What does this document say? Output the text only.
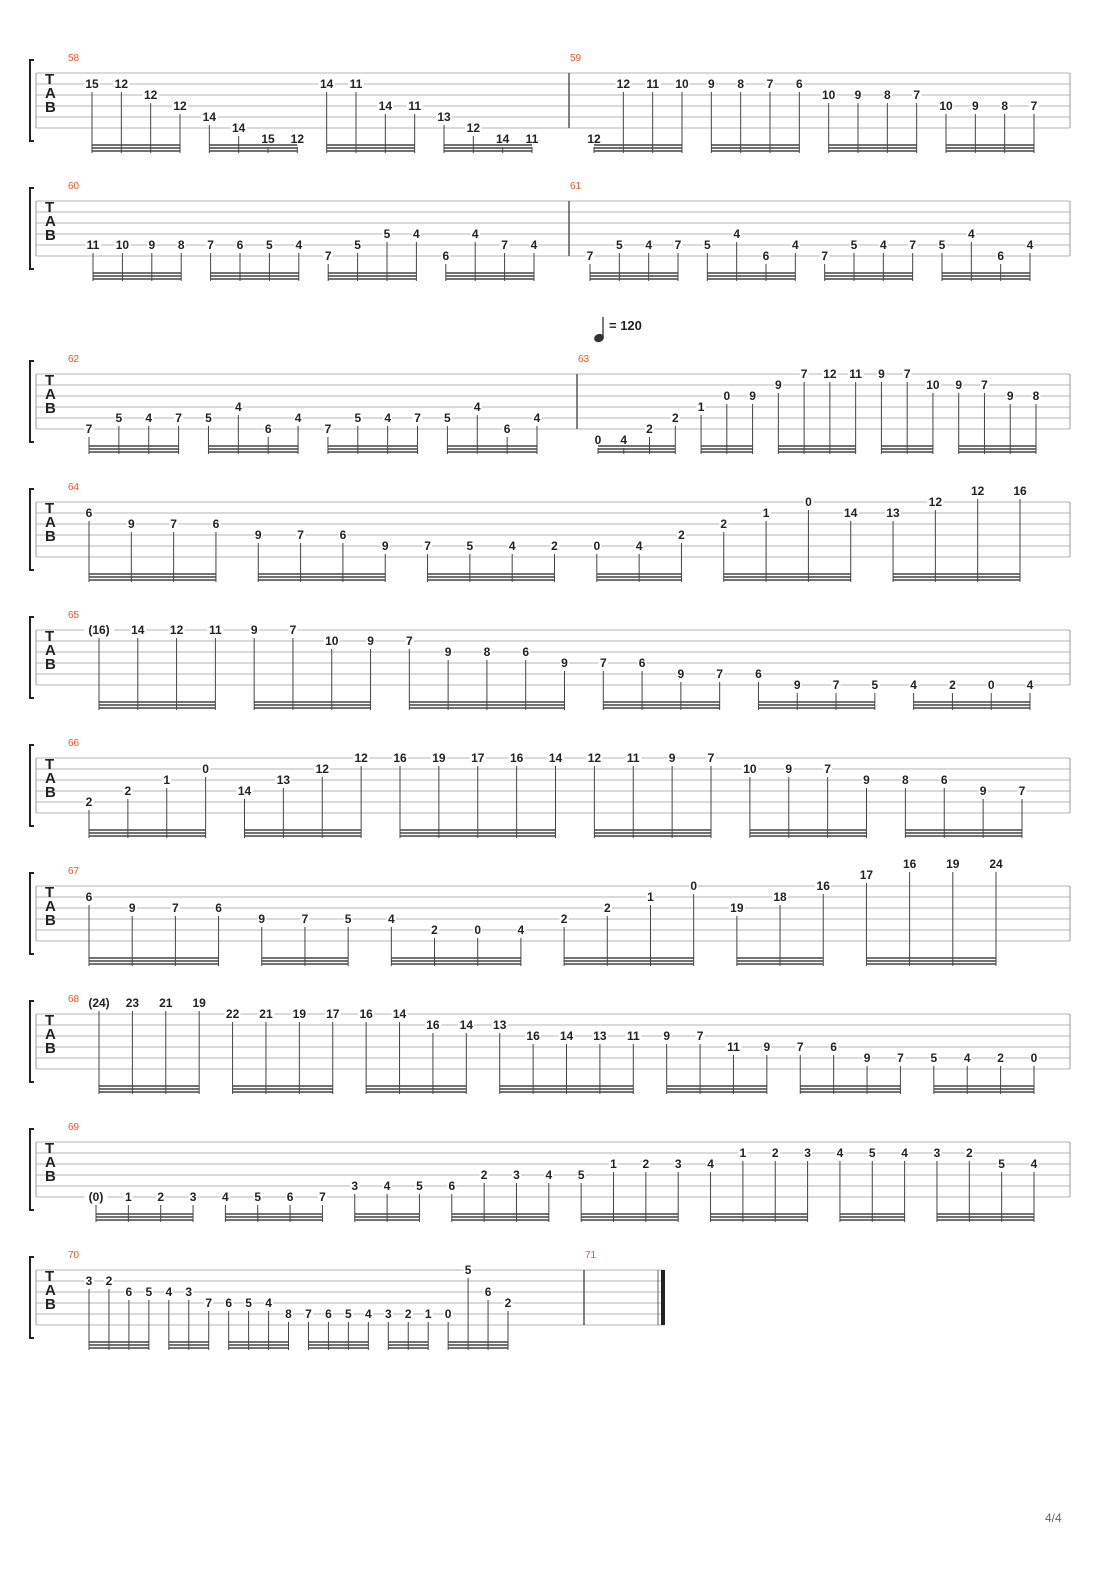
T
A
B
58
15 12
12
12
14
14
15 12
14 11
14 11
13
12
14 11
59
12
12 11 10 9 8 7 6
10 9 8 7
10 9 8 7
T
A
B
60
11 10 9 8 7 6 5 4
7
5
5 4
6
4
7 4
61
7
5 4 7 5
4
6
4
7
5 4 7 5
4
6
4
T
A
B
62
7
5 4 7 5
4
6
4
7
5 4 7 5
4
6
4
63
0 4
2
2
1
0 9
9
7 12 11 9 7
10 9 7
9 8
T
A
B
64
6
9	7	6
9	7	6
9	7	5	4	2	0	4
2
2
1
0
14 13
12
12 16
T
A
B
65
(16) 14 12 11 9	7
10 9	7
9	8	6
9	7	6
9	7	6
9	7	5	4	2	0	4
T
A
B
66
2
2
1
0
14
13
12
12 16 19 17 16 14 12 11 9	7
10 9	7
9	8	6
9	7
T
A
B
67
6
9	7	6
9	7	5	4
2	0	4
2
2
1
0
19
18
16
17
16 19 24
T
A
B
68 (24) 23 21 19
22 21 19 17 16 14
16 14 13
16 14 13 11 9 7
11 9 7 6
9 7 5 4 2 0
T
A
B
69
(0) 1 2 3 4 5 6 7
3 4 5 6
2 3 4 5
1 2 3 4
1 2 3 4 5 4 3 2
5 4
T
A
B
70
3 2
6 5 4 3
7 6 5 4
8 7 6 5 4 3 2 1 0
5
6
2
71
= 120
4/4
